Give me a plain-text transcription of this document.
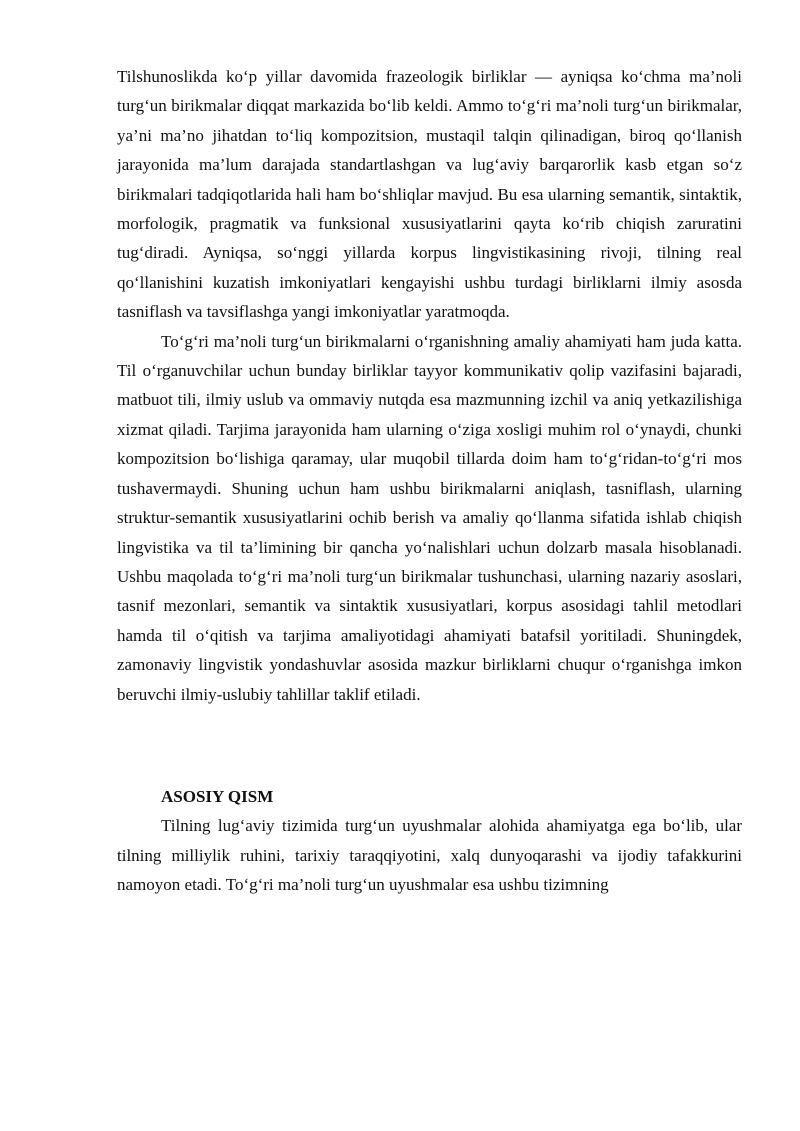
Tilshunoslikda ko‘p yillar davomida frazeologik birliklar — ayniqsa ko‘chma ma’noli turg‘un birikmalar diqqat markazida bo‘lib keldi. Ammo to‘g‘ri ma’noli turg‘un birikmalar, ya’ni ma’no jihatdan to‘liq kompozitsion, mustaqil talqin qilinadigan, biroq qo‘llanish jarayonida ma’lum darajada standartlashgan va lug‘aviy barqarorlik kasb etgan so‘z birikmalari tadqiqotlarida hali ham bo‘shliqlar mavjud. Bu esa ularning semantik, sintaktik, morfologik, pragmatik va funksional xususiyatlarini qayta ko‘rib chiqish zaruratini tug‘diradi. Ayniqsa, so‘nggi yillarda korpus lingvistikasining rivoji, tilning real qo‘llanishini kuzatish imkoniyatlari kengayishi ushbu turdagi birliklarni ilmiy asosda tasniflash va tavsiflashga yangi imkoniyatlar yaratmoqda.

To‘g‘ri ma’noli turg‘un birikmalarni o‘rganishning amaliy ahamiyati ham juda katta. Til o‘rganuvchilar uchun bunday birliklar tayyor kommunikativ qolip vazifasini bajaradi, matbuot tili, ilmiy uslub va ommaviy nutqda esa mazmunning izchil va aniq yetkazilishiga xizmat qiladi. Tarjima jarayonida ham ularning o‘ziga xosligi muhim rol o‘ynaydi, chunki kompozitsion bo‘lishiga qaramay, ular muqobil tillarda doim ham to‘g‘ridan-to‘g‘ri mos tushavermaydi. Shuning uchun ham ushbu birikmalarni aniqlash, tasniflash, ularning struktur-semantik xususiyatlarini ochib berish va amaliy qo‘llanma sifatida ishlab chiqish lingvistika va til ta’limining bir qancha yo‘nalishlari uchun dolzarb masala hisoblanadi. Ushbu maqolada to‘g‘ri ma’noli turg‘un birikmalar tushunchasi, ularning nazariy asoslari, tasnif mezonlari, semantik va sintaktik xususiyatlari, korpus asosidagi tahlil metodlari hamda til o‘qitish va tarjima amaliyotidagi ahamiyati batafsil yoritiladi. Shuningdek, zamonaviy lingvistik yondashuvlar asosida mazkur birliklarni chuqur o‘rganishga imkon beruvchi ilmiy-uslubiy tahlillar taklif etiladi.

ASOSIY QISM

Tilning lug‘aviy tizimida turg‘un uyushmalar alohida ahamiyatga ega bo‘lib, ular tilning milliylik ruhini, tarixiy taraqqiyotini, xalq dunyoqarashi va ijodiy tafakkurini namoyon etadi. To‘g‘ri ma’noli turg‘un uyushmalar esa ushbu tizimning
